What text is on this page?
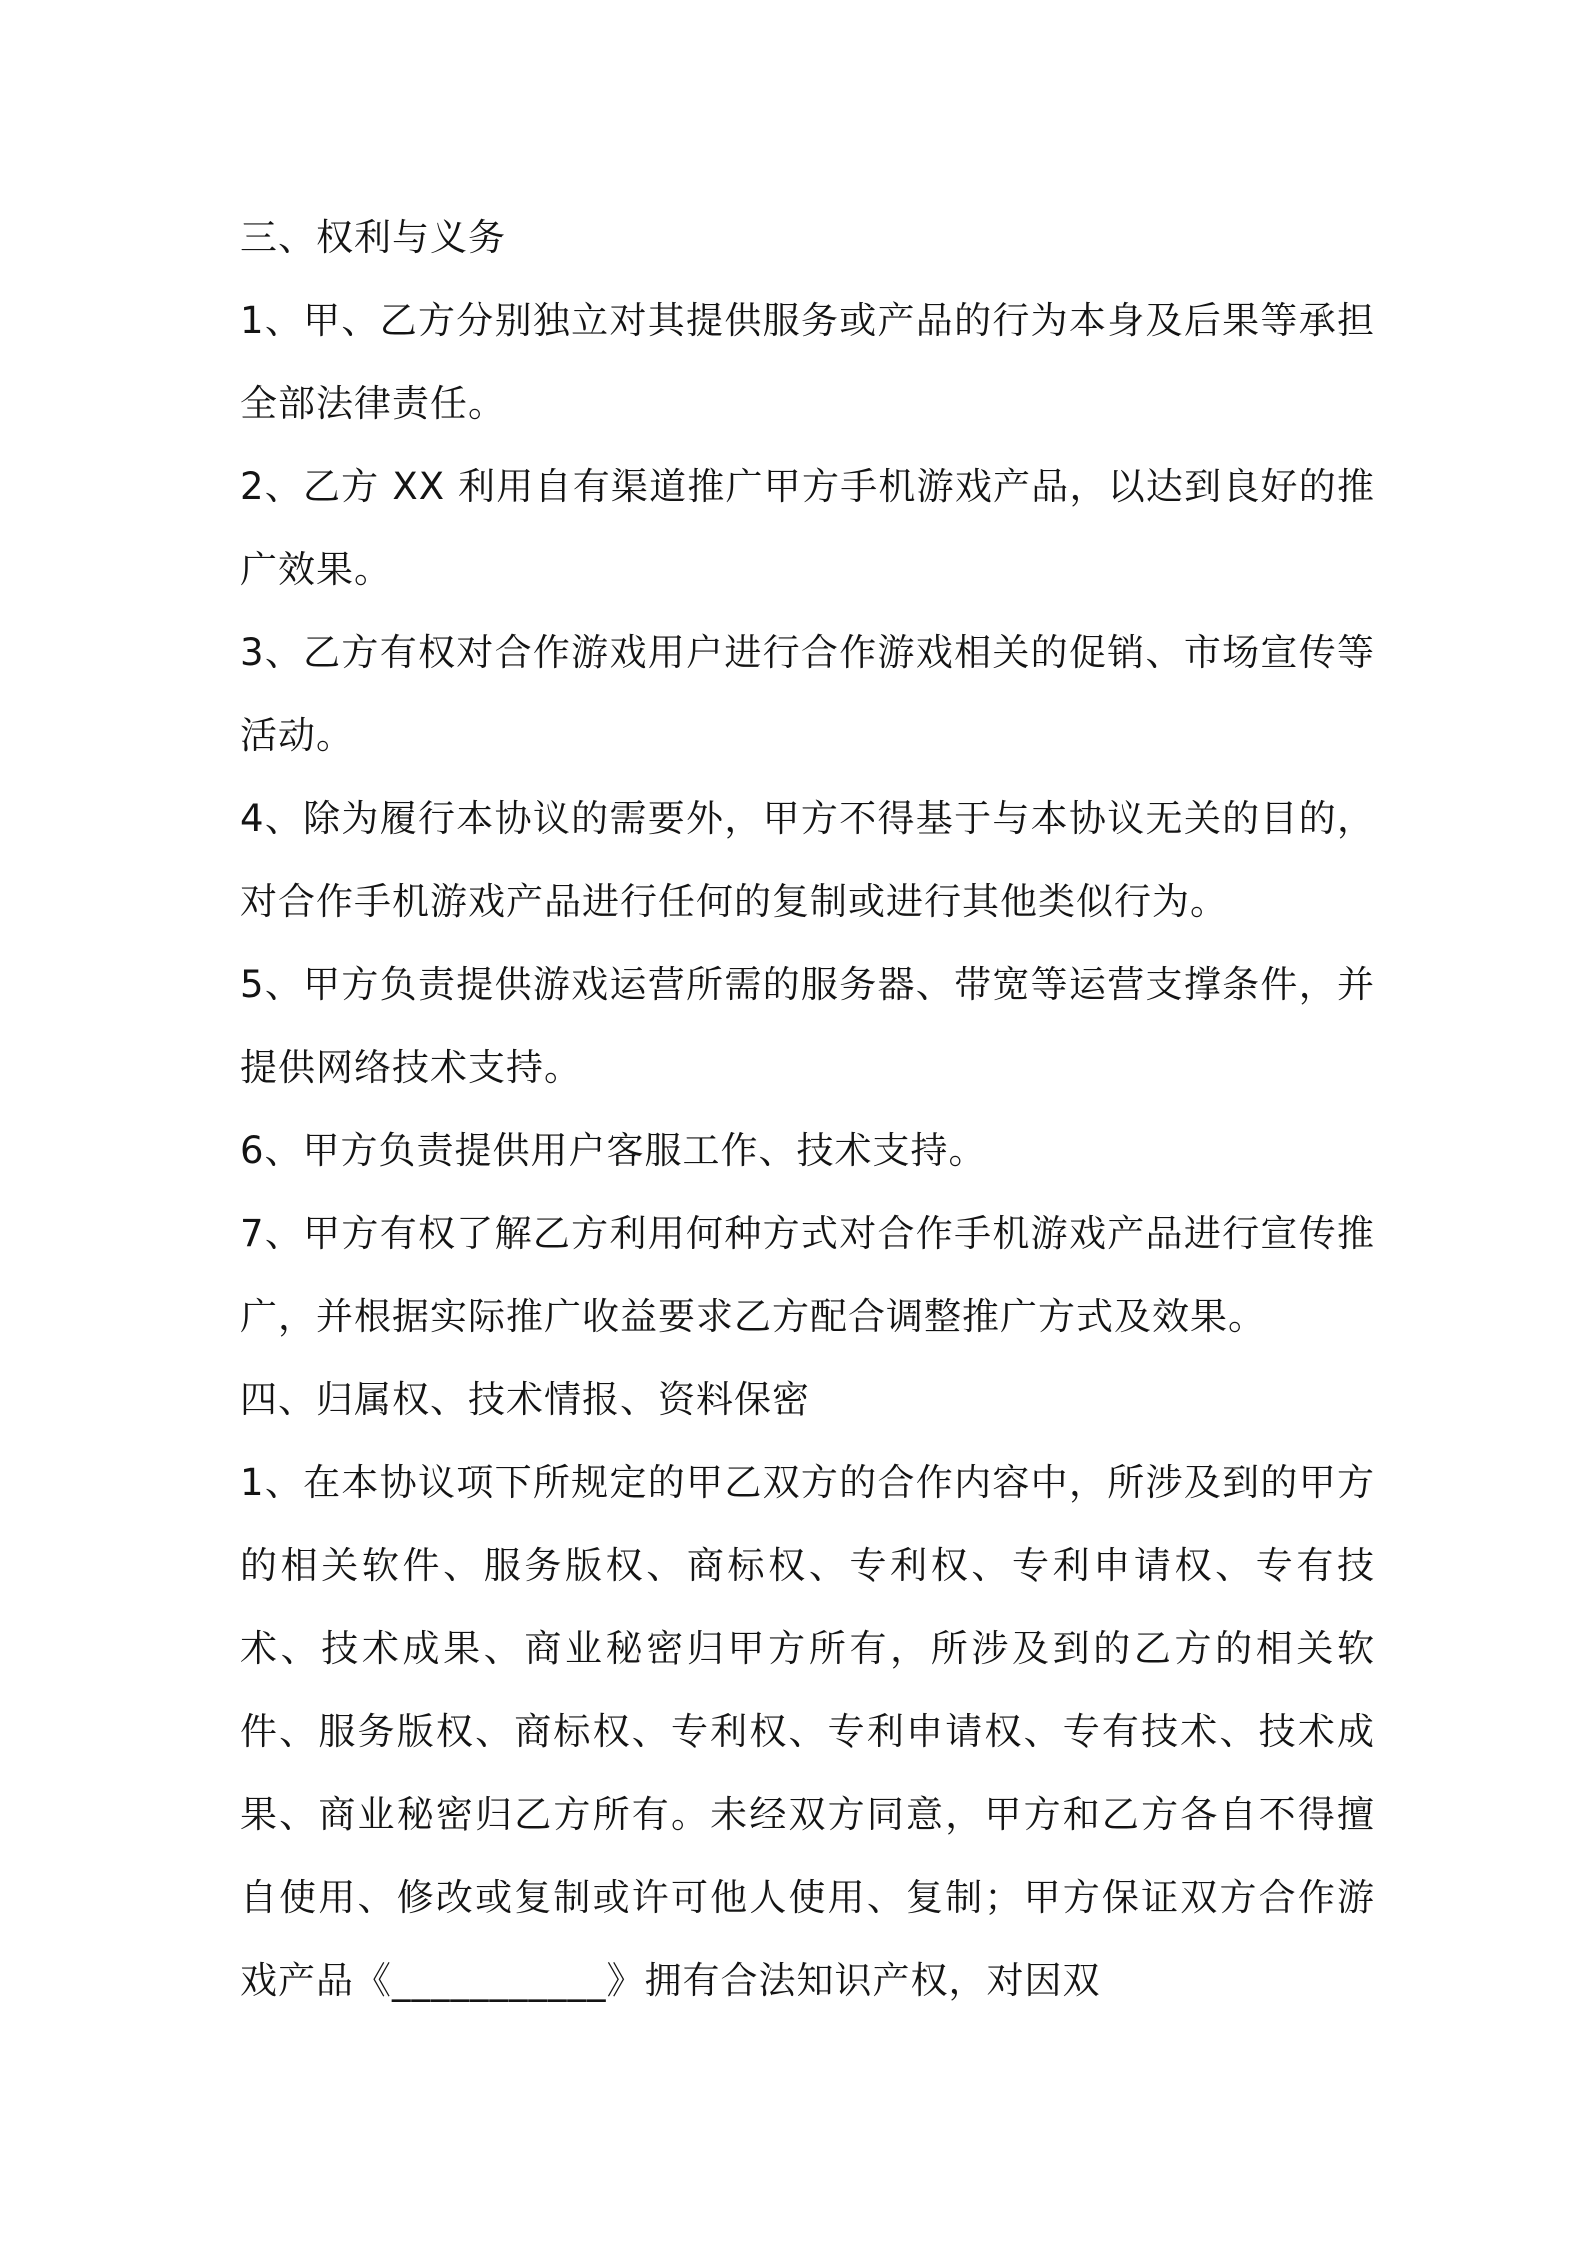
三、权利与义务

1、甲、乙方分别独立对其提供服务或产品的行为本身及后果等承担全部法律责任。

2、乙方 XX 利用自有渠道推广甲方手机游戏产品，以达到良好的推广效果。

3、乙方有权对合作游戏用户进行合作游戏相关的促销、市场宣传等活动。

4、除为履行本协议的需要外，甲方不得基于与本协议无关的目的，对合作手机游戏产品进行任何的复制或进行其他类似行为。

5、甲方负责提供游戏运营所需的服务器、带宽等运营支撑条件，并提供网络技术支持。

6、甲方负责提供用户客服工作、技术支持。

7、甲方有权了解乙方利用何种方式对合作手机游戏产品进行宣传推广，并根据实际推广收益要求乙方配合调整推广方式及效果。

四、归属权、技术情报、资料保密

1、在本协议项下所规定的甲乙双方的合作内容中，所涉及到的甲方的相关软件、服务版权、商标权、专利权、专利申请权、专有技术、技术成果、商业秘密归甲方所有，所涉及到的乙方的相关软件、服务版权、商标权、专利权、专利申请权、专有技术、技术成果、商业秘密归乙方所有。未经双方同意，甲方和乙方各自不得擅自使用、修改或复制或许可他人使用、复制；甲方保证双方合作游戏产品《___________》拥有合法知识产权，对因双
